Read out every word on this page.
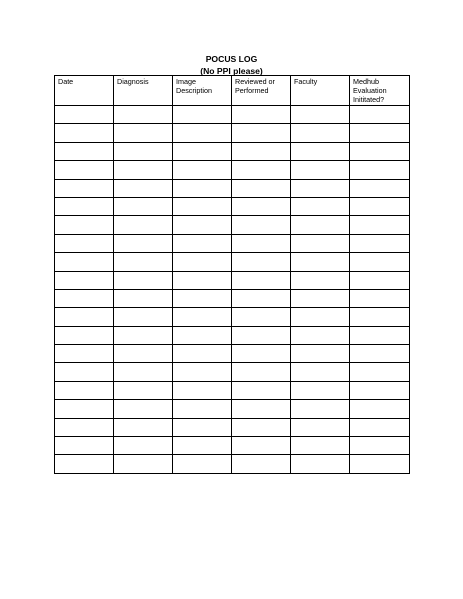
POCUS LOG
(No PPI please)
Date	Diagnosis	Image Description	Reviewed or Performed	Faculty	Medhub Evaluation Inititated?
